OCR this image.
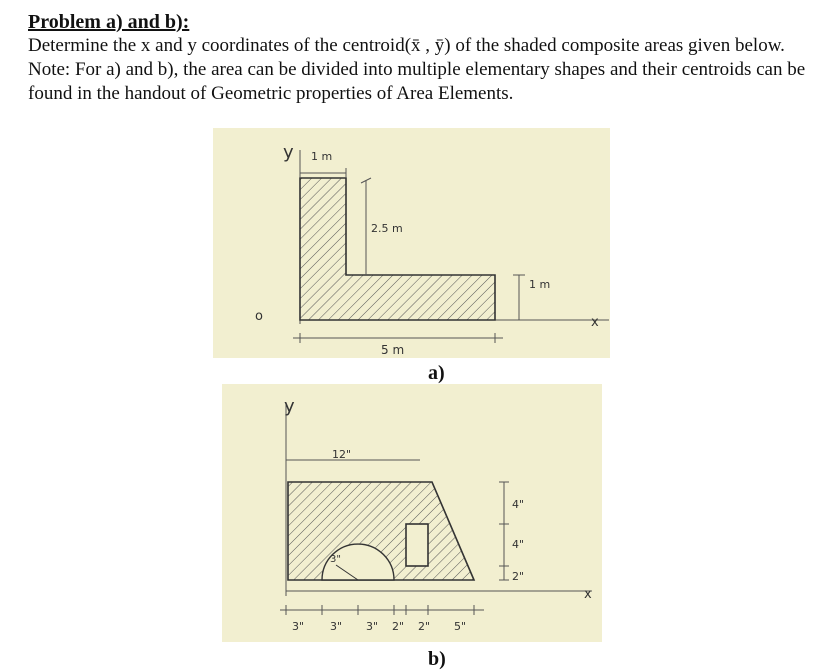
Problem a) and b):

Determine the x and y coordinates of the centroid(x̄ , ȳ) of the shaded composite areas given below. Note: For a) and b), the area can be divided into multiple elementary shapes and their centroids can be found in the handout of Geometric properties of Area Elements.

y
x
o
1 m
2.5 m
5 m
1 m
a)
y
x
12"
3"
4"
4"
2"
3" 3" 3" 2" 2" 5"
b)
